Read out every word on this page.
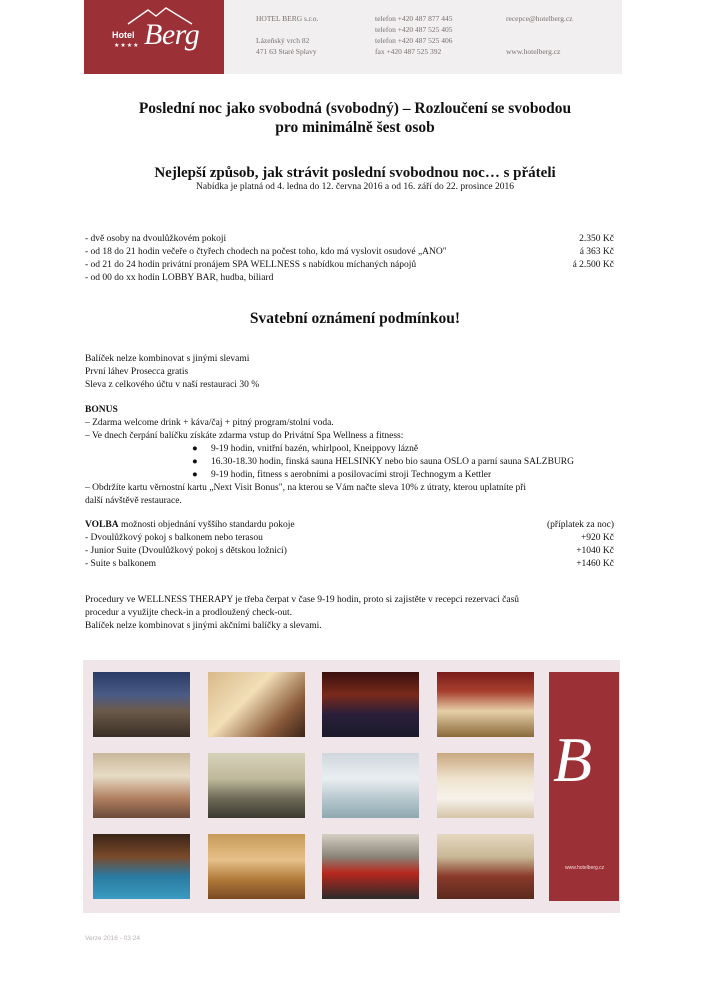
Hotel
★★★★ Berg	HOTEL BERG s.r.o.
Lázeňský vrch 82
471 63 Staré Splavy
telefon +420 487 877 445
telefon +420 487 525 405
telefon +420 487 525 406
fax +420 487 525 392
recepce@hotelberg.cz
www.hotelberg.cz
Poslední noc jako svobodná (svobodný) – Rozloučení se svobodou
pro minimálně šest osob
Nejlepší způsob, jak strávit poslední svobodnou noc… s přáteli
Nabídka je platná od 4. ledna do 12. června 2016 a od 16. září do 22. prosince 2016
- dvě osoby na dvoulůžkovém pokoji	2.350 Kč
- od 18 do 21 hodin večeře o čtyřech chodech na počest toho, kdo má vyslovit osudové „ANO"	á 363 Kč
- od 21 do 24 hodin privátní pronájem SPA WELLNESS s nabídkou míchaných nápojů	á 2.500 Kč
- od 00 do xx hodin LOBBY BAR, hudba, biliard
Svatební oznámení podmínkou!
Balíček nelze kombinovat s jinými slevami
První láhev Prosecca gratis
Sleva z celkového účtu v naší restauraci 30 %
BONUS
– Zdarma welcome drink + káva/čaj + pitný program/stolní voda.
– Ve dnech čerpání balíčku získáte zdarma vstup do Privátní Spa Wellness a fitness:
● 9-19 hodin, vnitřní bazén, whirlpool, Kneippovy lázně
● 16.30-18.30 hodin, finská sauna HELSINKY nebo bio sauna OSLO a parní sauna SALZBURG
● 9-19 hodin, fitness s aerobními a posilovacími stroji Technogym a Kettler
– Obdržíte kartu věrnostní kartu „Next Visit Bonus", na kterou se Vám načte sleva 10% z útraty, kterou uplatníte při
další návštěvě restaurace.
VOLBA možnosti objednání vyššího standardu pokoje	(příplatek za noc)
- Dvoulůžkový pokoj s balkonem nebo terasou	+920 Kč
- Junior Suite (Dvoulůžkový pokoj s dětskou ložnicí)	+1040 Kč
- Suite s balkonem	+1460 Kč
Procedury ve WELLNESS THERAPY je třeba čerpat v čase 9-19 hodin, proto si zajistěte v recepci rezervaci časů
procedur a využijte check-in a prodloužený check-out.
Balíček nelze kombinovat s jinými akčními balíčky a slevami.
B
www.hotelberg.cz
Verze 2016 - 03 24
